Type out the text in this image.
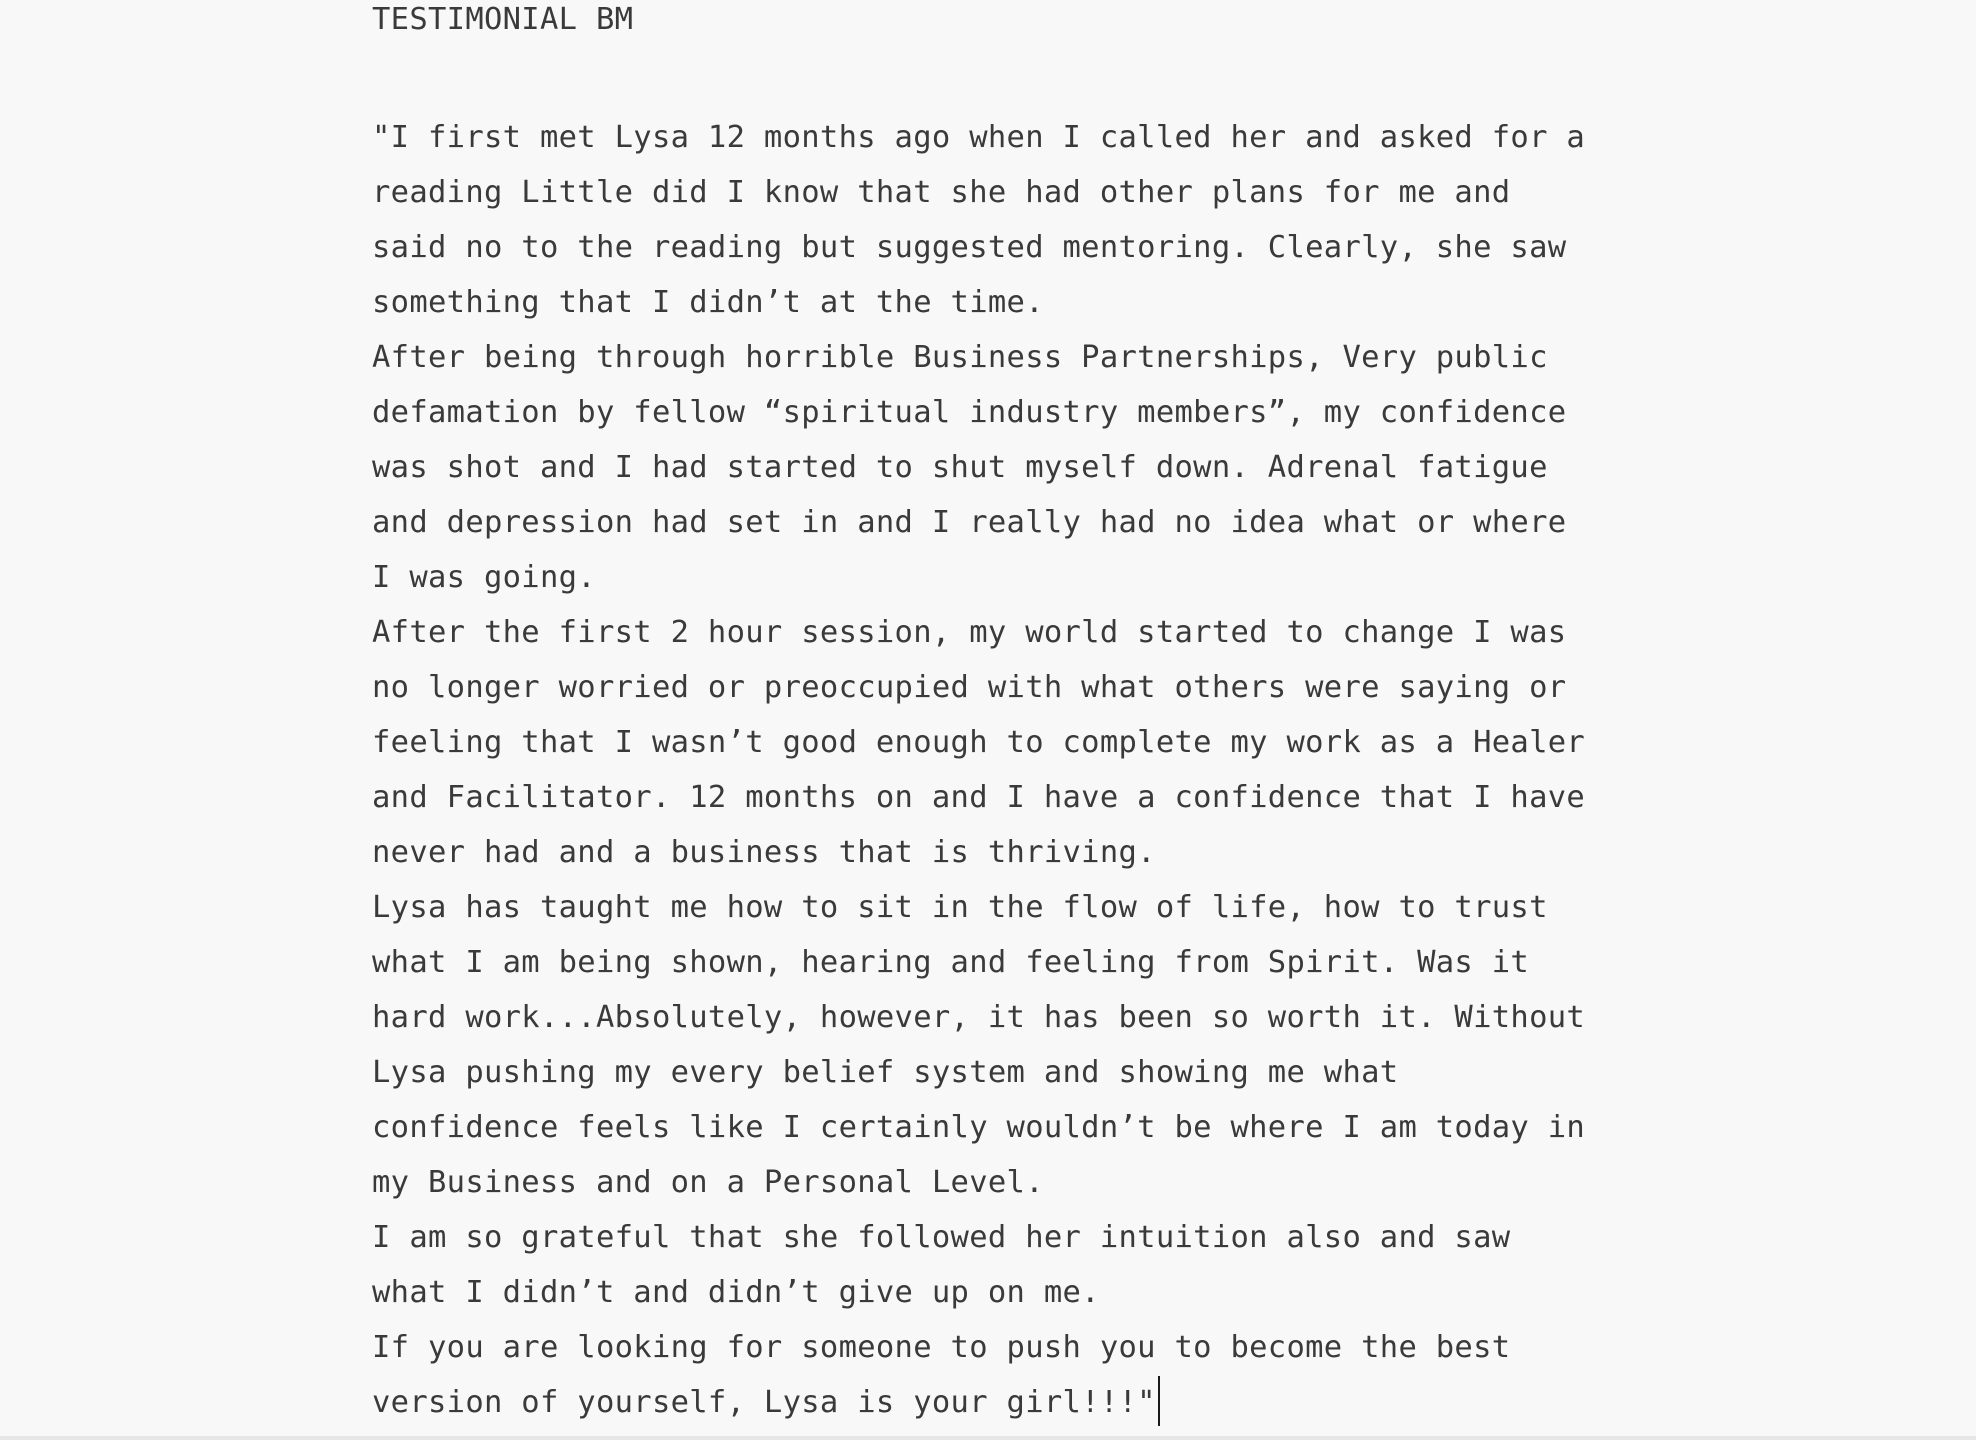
TESTIMONIAL BM
"I first met Lysa 12 months ago when I called her and asked for a
reading Little did I know that she had other plans for me and
said no to the reading but suggested mentoring. Clearly, she saw
something that I didn’t at the time.
After being through horrible Business Partnerships, Very public
defamation by fellow “spiritual industry members”, my confidence
was shot and I had started to shut myself down. Adrenal fatigue
and depression had set in and I really had no idea what or where
I was going.
After the first 2 hour session, my world started to change I was
no longer worried or preoccupied with what others were saying or
feeling that I wasn’t good enough to complete my work as a Healer
and Facilitator. 12 months on and I have a confidence that I have
never had and a business that is thriving.
Lysa has taught me how to sit in the flow of life, how to trust
what I am being shown, hearing and feeling from Spirit. Was it
hard work...Absolutely, however, it has been so worth it. Without
Lysa pushing my every belief system and showing me what
confidence feels like I certainly wouldn’t be where I am today in
my Business and on a Personal Level.
I am so grateful that she followed her intuition also and saw
what I didn’t and didn’t give up on me.
If you are looking for someone to push you to become the best
version of yourself, Lysa is your girl!!!"
